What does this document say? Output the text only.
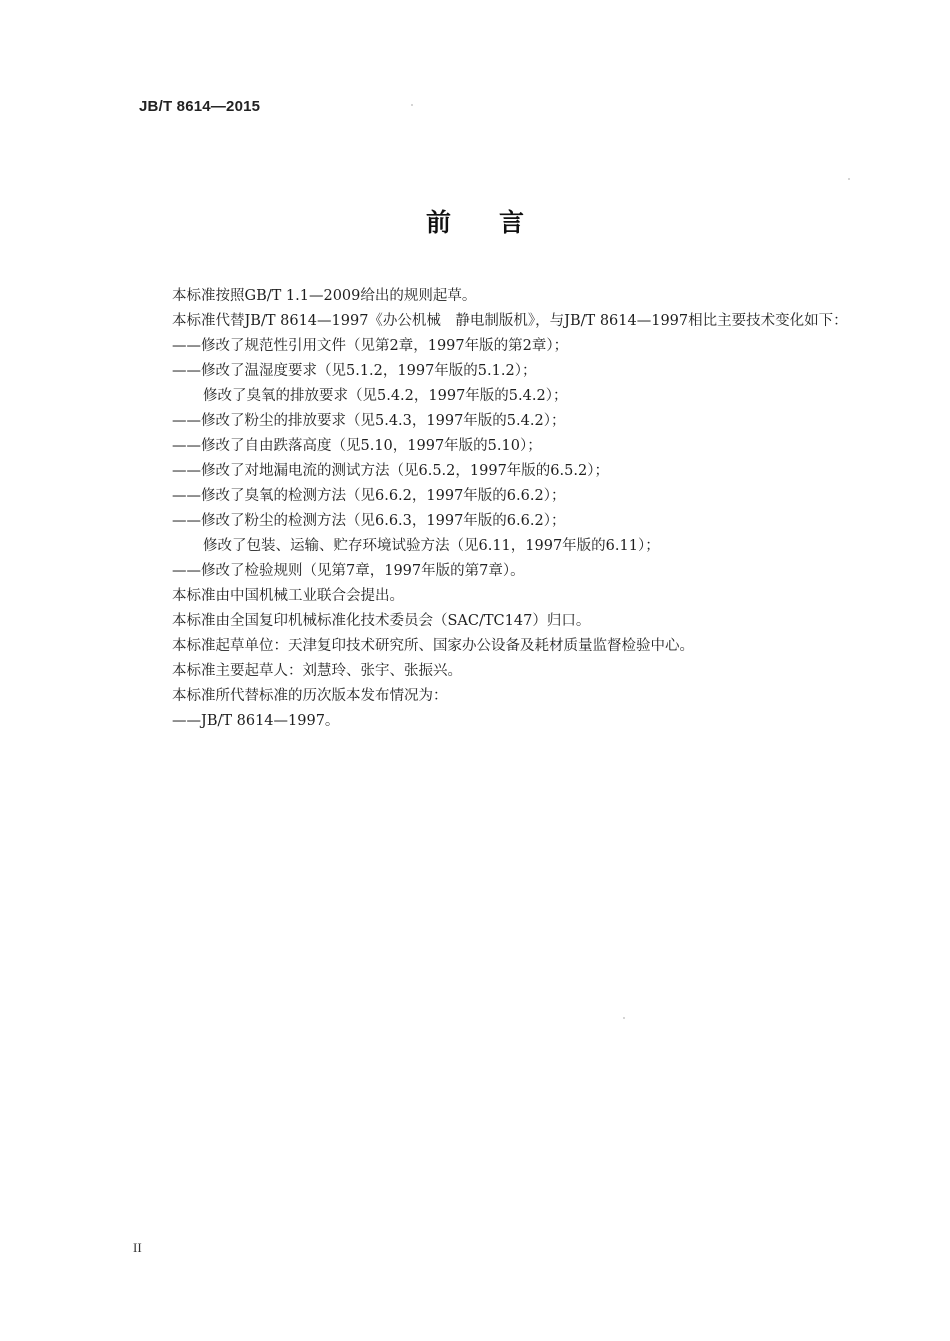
JB/T 8614—2015
前 言
本标准按照GB/T 1.1—2009给出的规则起草。
本标准代替JB/T 8614—1997《办公机械　静电制版机》，与JB/T 8614—1997相比主要技术变化如下：
——修改了规范性引用文件（见第2章，1997年版的第2章）；
——修改了温湿度要求（见5.1.2，1997年版的5.1.2）；
修改了臭氧的排放要求（见5.4.2，1997年版的5.4.2）；
——修改了粉尘的排放要求（见5.4.3，1997年版的5.4.2）；
——修改了自由跌落高度（见5.10，1997年版的5.10）；
——修改了对地漏电流的测试方法（见6.5.2，1997年版的6.5.2）；
——修改了臭氧的检测方法（见6.6.2，1997年版的6.6.2）；
——修改了粉尘的检测方法（见6.6.3，1997年版的6.6.2）；
修改了包装、运输、贮存环境试验方法（见6.11，1997年版的6.11）；
——修改了检验规则（见第7章，1997年版的第7章）。
本标准由中国机械工业联合会提出。
本标准由全国复印机械标准化技术委员会（SAC/TC147）归口。
本标准起草单位：天津复印技术研究所、国家办公设备及耗材质量监督检验中心。
本标准主要起草人：刘慧玲、张宇、张振兴。
本标准所代替标准的历次版本发布情况为：
——JB/T 8614—1997。
II
